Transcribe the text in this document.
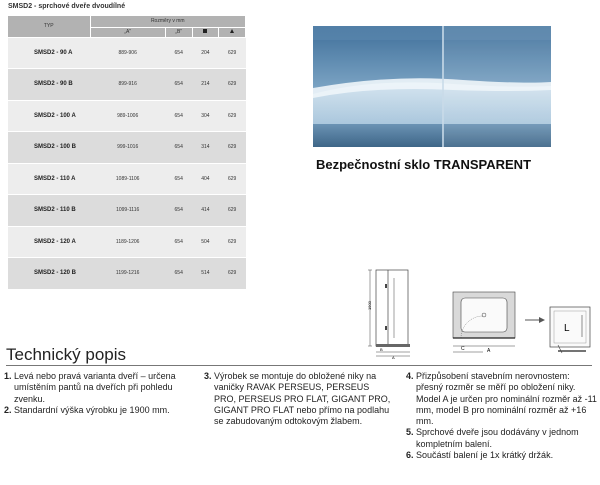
SMSD2 - sprchové dveře dvoudílné
TYP	Rozměry v mm			
	„A“	„B“		
SMSD2 - 90 A	889-906	654	204	629
SMSD2 - 90 B	899-916	654	214	629
SMSD2 - 100 A	989-1006	654	304	629
SMSD2 - 100 B	999-1016	654	314	629
SMSD2 - 110 A	1089-1106	654	404	629
SMSD2 - 110 B	1099-1116	654	414	629
SMSD2 - 120 A	1189-1206	654	504	629
SMSD2 - 120 B	1199-1216	654	514	629
Bezpečnostní sklo TRANSPARENT
1900
B
A
A
C
L
Technický popis
1. Levá nebo pravá varianta dveří – určena umístěním pantů na dveřích při pohledu zvenku.
2. Standardní výška výrobku je 1900 mm.
3. Výrobek se montuje do obložené niky na vaničky RAVAK PERSEUS, PERSEUS PRO, PERSEUS PRO FLAT, GIGANT PRO, GIGANT PRO FLAT nebo přímo na podlahu se zabudovaným odtokovým žlabem.
4. Přizpůsobení stavebním nerovnostem: přesný rozměr se měří po obložení niky. Model A je určen pro nominální rozměr až -11 mm, model B pro nominální rozměr až +16 mm.
5. Sprchové dveře jsou dodávány v jednom kompletním balení.
6. Součástí balení je 1x krátký držák.
